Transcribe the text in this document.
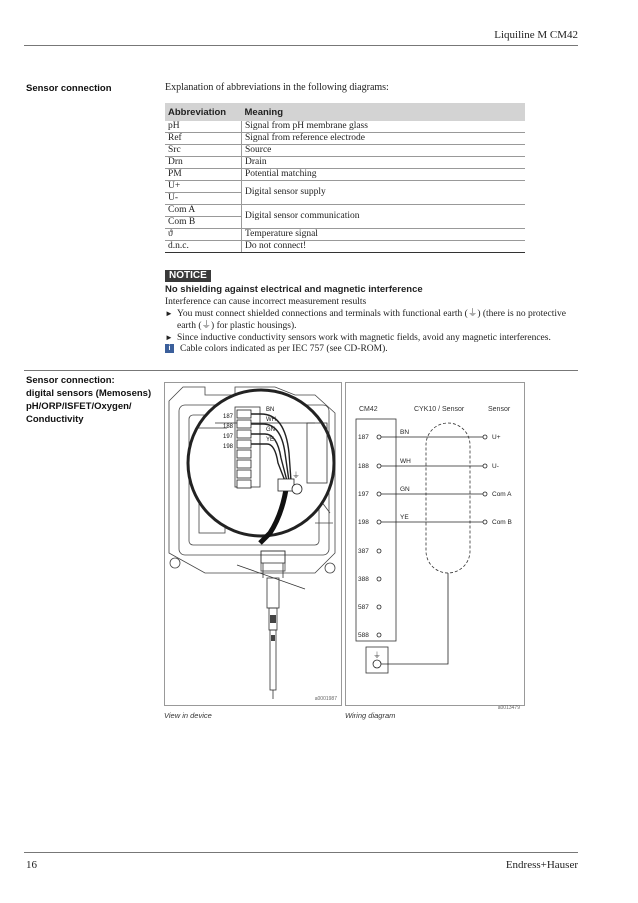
Liquiline M CM42
Sensor connection	Explanation of abbreviations in the following diagrams:
Abbreviation	Meaning
pH	Signal from pH membrane glass
Ref	Signal from reference electrode
Src	Source
Drn	Drain
PM	Potential matching
U+	Digital sensor supply
U-	
Com A	Digital sensor communication
Com B	
ϑ	Temperature signal
d.n.c.	Do not connect!
NOTICE
No shielding against electrical and magnetic interference
Interference can cause incorrect measurement results
► You must connect shielded connections and terminals with functional earth (⏚) (there is no protective earth (⏚) for plastic housings).
► Since inductive conductivity sensors work with magnetic fields, avoid any magnetic interferences.
i Cable colors indicated as per IEC 757 (see CD-ROM).
Sensor connection:
digital sensors (Memosens)
pH/ORP/ISFET/Oxygen/
Conductivity	187
188
197
198
BN
WH
GN
YE
⏚
a0001987
View in device
CM42	CYK10 / Sensor	Sensor
187
188
197
198
387
388
587
588
BN
WH
GN
YE
U+
U-
Com A
Com B
⏚
a0013479
Wiring diagram
16	Endress+Hauser
